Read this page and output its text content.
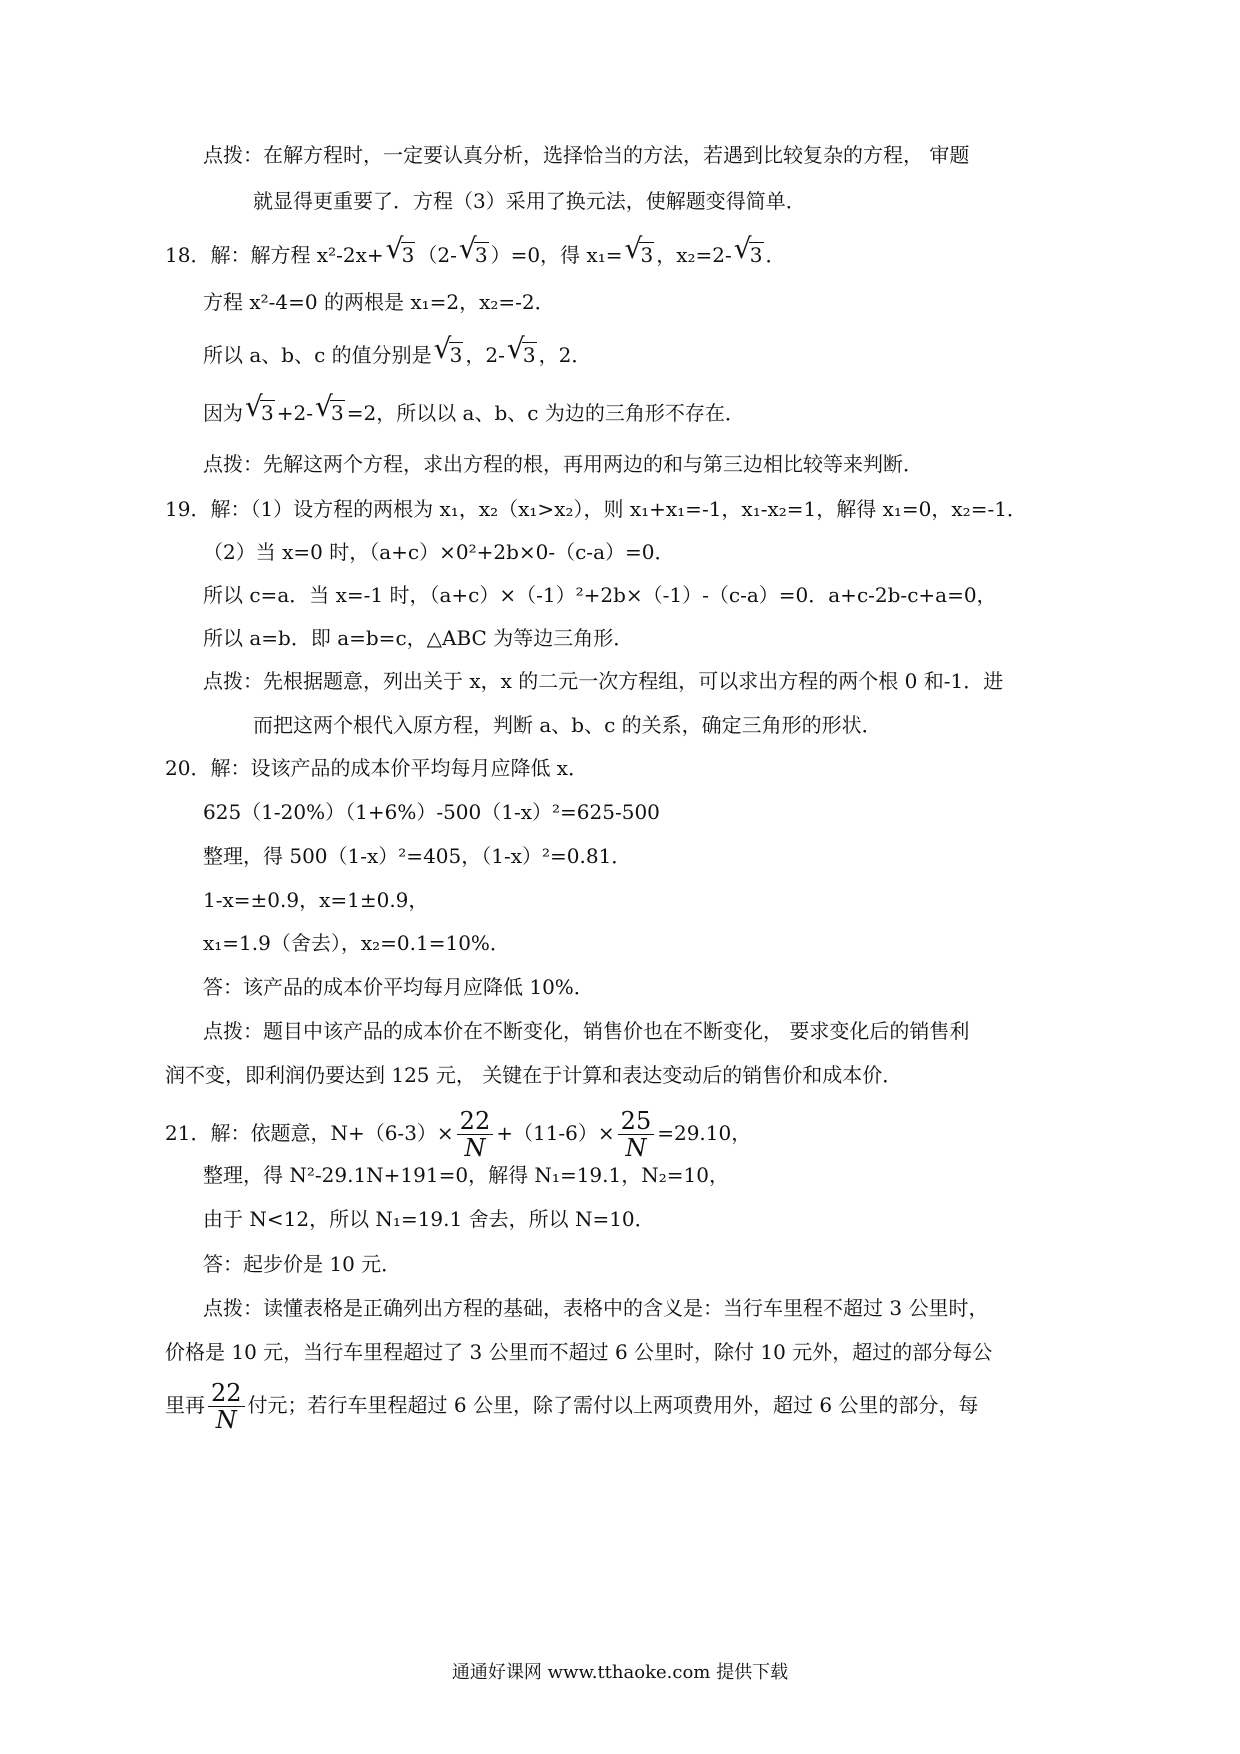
点拨：在解方程时，一定要认真分析，选择恰当的方法，若遇到比较复杂的方程， 审题
就显得更重要了．方程（3）采用了换元法，使解题变得简单．
18．解：解方程 x²-2x+ √
3 （2- √
3 ）=0，得 x₁= √
3 ，x₂=2- √
3 ．
方程 x²-4=0 的两根是 x₁=2，x₂=-2．
所以 a、b、c 的值分别是 √
3 ，2- √
3 ，2．
因为 √
3 +2- √
3 =2，所以以 a、b、c 为边的三角形不存在．
点拨：先解这两个方程，求出方程的根，再用两边的和与第三边相比较等来判断．
19．解：（1）设方程的两根为 x₁，x₂（x₁>x₂），则 x₁+x₁=-1，x₁-x₂=1，解得 x₁=0，x₂=-1．
（2）当 x=0 时，（a+c）×0²+2b×0-（c-a）=0．
所以 c=a．当 x=-1 时，（a+c）×（-1）²+2b×（-1）-（c-a）=0．a+c-2b-c+a=0，
所以 a=b．即 a=b=c，△ABC 为等边三角形．
点拨：先根据题意，列出关于 x，x 的二元一次方程组，可以求出方程的两个根 0 和-1．进
而把这两个根代入原方程，判断 a、b、c 的关系，确定三角形的形状．
20．解：设该产品的成本价平均每月应降低 x．
625（1-20%）（1+6%）-500（1-x）²=625-500
整理，得 500（1-x）²=405，（1-x）²=0.81．
1-x=±0.9，x=1±0.9，
x₁=1.9（舍去），x₂=0.1=10%．
答：该产品的成本价平均每月应降低 10%．
点拨：题目中该产品的成本价在不断变化，销售价也在不断变化， 要求变化后的销售利
润不变，即利润仍要达到 125 元， 关键在于计算和表达变动后的销售价和成本价．
21．解：依题意，$N+(6-3)\times \frac{22}{N} +(11-6)\times \frac{25}{N} =29.10$，
整理，得 N²-29.1N+191=0，解得 N₁=19.1，N₂=10，
由于 N<12，所以 N₁=19.1 舍去，所以 N=10．
答：起步价是 10 元．
点拨：读懂表格是正确列出方程的基础，表格中的含义是：当行车里程不超过 3 公里时，
价格是 10 元，当行车里程超过了 3 公里而不超过 6 公里时，除付 10 元外，超过的部分每公
里再 $\frac{22}{N}$ 付元；若行车里程超过 6 公里，除了需付以上两项费用外，超过 6 公里的部分，每
通通好课网 www.tthaoke.com 提供下载
